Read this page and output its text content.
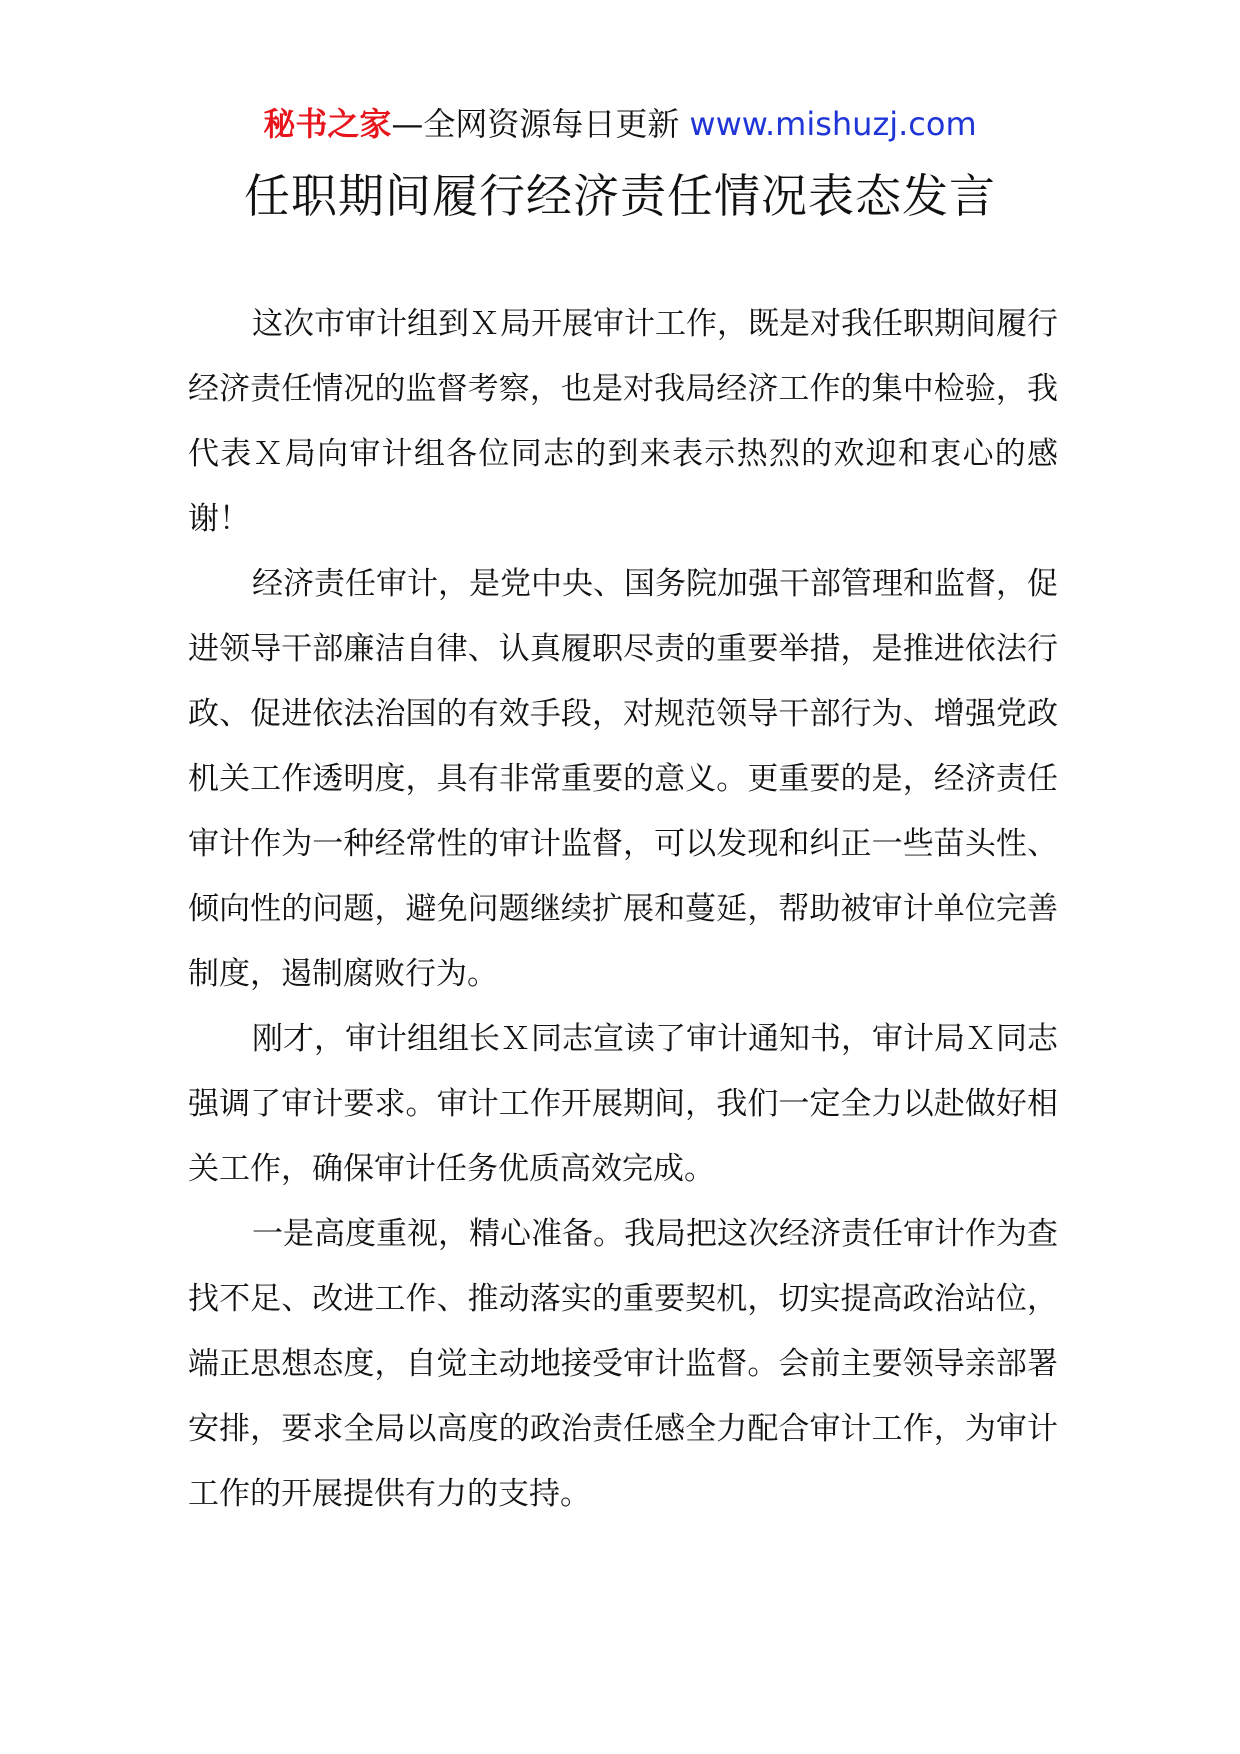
秘书之家—全网资源每日更新 www.mishuzj.com
任职期间履行经济责任情况表态发言

这次市审计组到Ｘ局开展审计工作，既是对我任职期间履行经济责任情况的监督考察，也是对我局经济工作的集中检验，我代表Ｘ局向审计组各位同志的到来表示热烈的欢迎和衷心的感谢！

经济责任审计，是党中央、国务院加强干部管理和监督，促进领导干部廉洁自律、认真履职尽责的重要举措，是推进依法行政、促进依法治国的有效手段，对规范领导干部行为、增强党政机关工作透明度，具有非常重要的意义。更重要的是，经济责任审计作为一种经常性的审计监督，可以发现和纠正一些苗头性、倾向性的问题，避免问题继续扩展和蔓延，帮助被审计单位完善制度，遏制腐败行为。

刚才，审计组组长Ｘ同志宣读了审计通知书，审计局Ｘ同志强调了审计要求。审计工作开展期间，我们一定全力以赴做好相关工作，确保审计任务优质高效完成。

一是高度重视，精心准备。我局把这次经济责任审计作为查找不足、改进工作、推动落实的重要契机，切实提高政治站位，端正思想态度，自觉主动地接受审计监督。会前主要领导亲部署安排，要求全局以高度的政治责任感全力配合审计工作，为审计工作的开展提供有力的支持。
